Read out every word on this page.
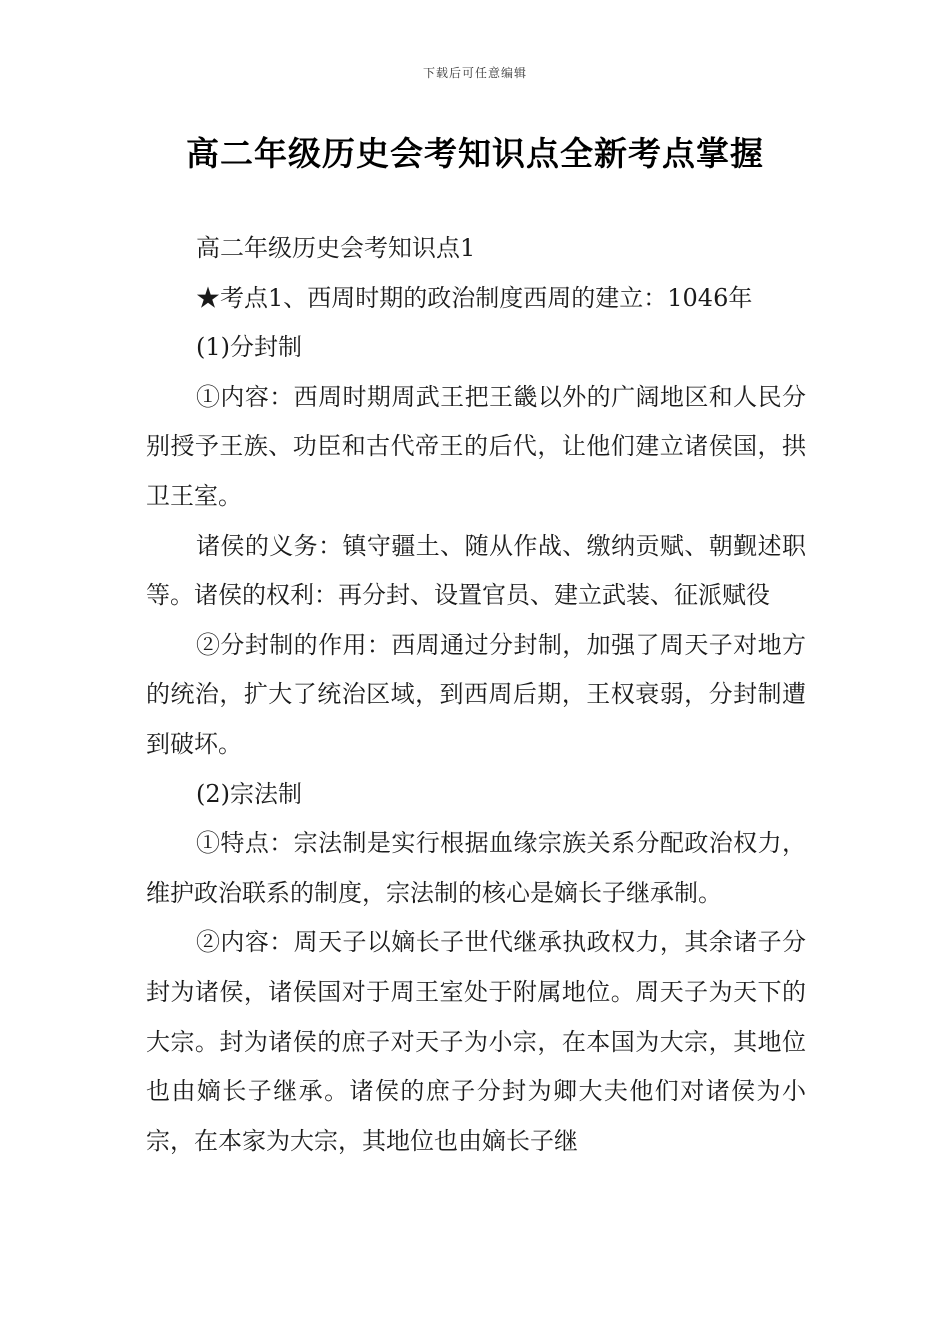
下载后可任意编辑
高二年级历史会考知识点全新考点掌握

高二年级历史会考知识点1

★考点1、西周时期的政治制度西周的建立：1046年

(1)分封制

①内容：西周时期周武王把王畿以外的广阔地区和人民分别授予王族、功臣和古代帝王的后代，让他们建立诸侯国，拱卫王室。

诸侯的义务：镇守疆土、随从作战、缴纳贡赋、朝觐述职等。诸侯的权利：再分封、设置官员、建立武装、征派赋役

②分封制的作用：西周通过分封制，加强了周天子对地方的统治，扩大了统治区域，到西周后期，王权衰弱，分封制遭到破坏。

(2)宗法制

①特点：宗法制是实行根据血缘宗族关系分配政治权力，维护政治联系的制度，宗法制的核心是嫡长子继承制。

②内容：周天子以嫡长子世代继承执政权力，其余诸子分封为诸侯，诸侯国对于周王室处于附属地位。周天子为天下的大宗。封为诸侯的庶子对天子为小宗，在本国为大宗，其地位也由嫡长子继承。诸侯的庶子分封为卿大夫他们对诸侯为小宗，在本家为大宗，其地位也由嫡长子继
